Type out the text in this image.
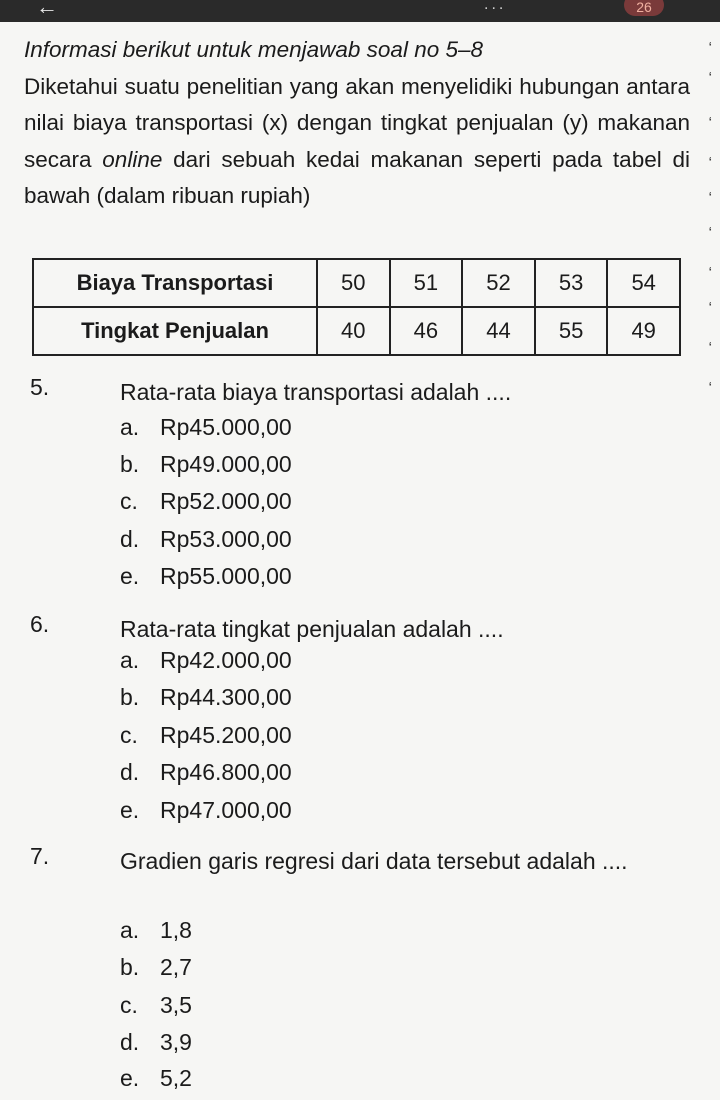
←	...	26
Informasi berikut untuk menjawab soal no 5–8
Diketahui suatu penelitian yang akan menyelidiki hubungan antara nilai biaya transportasi (x) dengan tingkat penjualan (y) makanan secara online dari sebuah kedai makanan seperti pada tabel di bawah (dalam ribuan rupiah)
Biaya Transportasi	50	51	52	53	54
Tingkat Penjualan	40	46	44	55	49
5.	Rata-rata biaya transportasi adalah ....
a. Rp45.000,00
b. Rp49.000,00
c. Rp52.000,00
d. Rp53.000,00
e. Rp55.000,00
6.	Rata-rata tingkat penjualan adalah ....
a. Rp42.000,00
b. Rp44.300,00
c. Rp45.200,00
d. Rp46.800,00
e. Rp47.000,00
7.	Gradien garis regresi dari data tersebut adalah ....
a. 1,8
b. 2,7
c. 3,5
d. 3,9
e. 5,2
‘
‘
‘
‘
‘
‘
‘
‘
‘
‘
